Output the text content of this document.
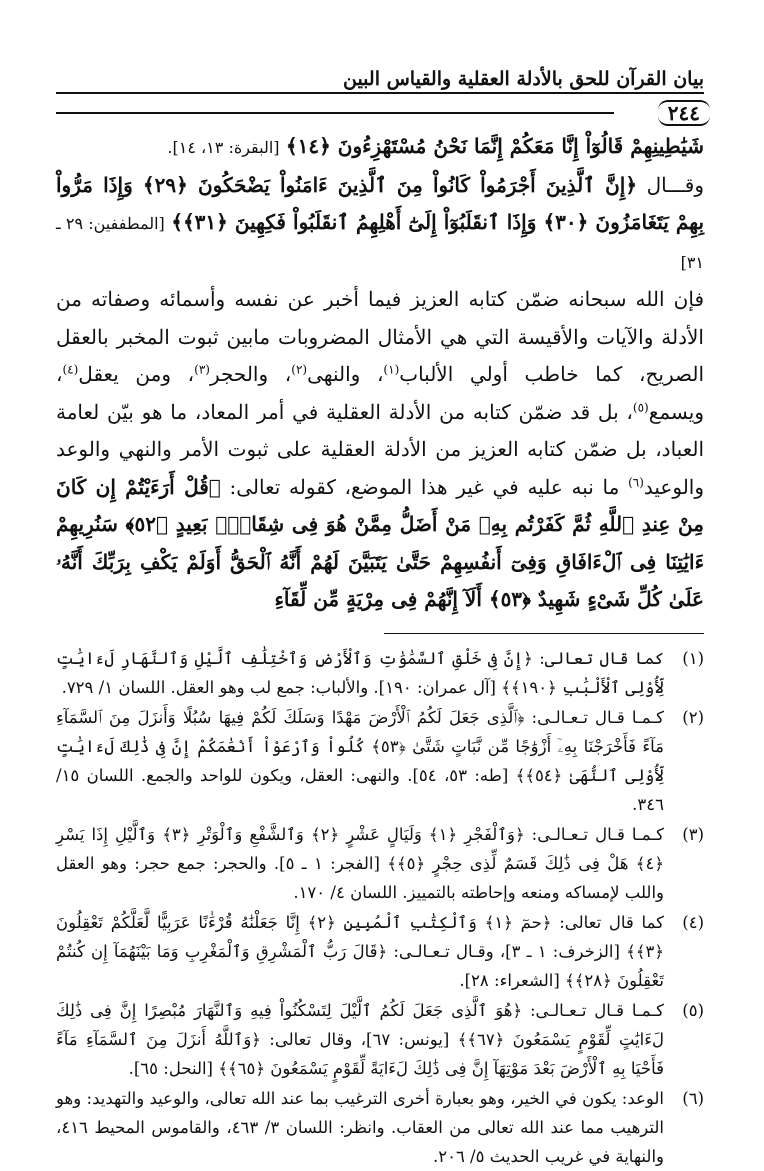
بيان القرآن للحق بالأدلة العقلية والقياس البين
٢٤٤

شَيَٰطِينِهِمْ قَالُوٓاْ إِنَّا مَعَكُمْ إِنَّمَا نَحْنُ مُسْتَهْزِءُونَ ﴿١٤﴾ [البقرة: ١٣، ١٤].

وقـــال ﴿إِنَّ ٱلَّذِينَ أَجْرَمُواْ كَانُواْ مِنَ ٱلَّذِينَ ءَامَنُواْ يَضْحَكُونَ ﴿٢٩﴾ وَإِذَا مَرُّواْ بِهِمْ يَتَغَامَزُونَ ﴿٣٠﴾ وَإِذَا ٱنقَلَبُوٓاْ إِلَىٰٓ أَهْلِهِمُ ٱنقَلَبُواْ فَكِهِينَ ﴿٣١﴾﴾ [المطففين: ٢٩ ـ ٣١]

فإن الله سبحانه ضمّن كتابه العزيز فيما أخبر عن نفسه وأسمائه وصفاته من الأدلة والآيات والأقيسة التي هي الأمثال المضروبات مابين ثبوت المخبر بالعقل الصريح، كما خاطب أولي الألباب$^{(١)}$، والنهى$^{(٢)}$، والحجر$^{(٣)}$، ومن يعقل$^{(٤)}$، ويسمع$^{(٥)}$، بل قد ضمّن كتابه من الأدلة العقلية في أمر المعاد، ما هو بيّن لعامة العباد، بل ضمّن كتابه العزيز من الأدلة العقلية على ثبوت الأمر والنهي والوعد والوعيد$^{(٦)}$ ما نبه عليه في غير هذا الموضع، كقوله تعالى: ﴿قُلْ أَرَءَيْتُمْ إِن كَانَ مِنْ عِندِ ٱللَّهِ ثُمَّ كَفَرْتُم بِهِۦ مَنْ أَضَلُّ مِمَّنْ هُوَ فِى شِقَاقٍۭ بَعِيدٍ ﴿٥٢﴾ سَنُرِيهِمْ ءَايَٰتِنَا فِى ٱلْءَافَاقِ وَفِىٓ أَنفُسِهِمْ حَتَّىٰ يَتَبَيَّنَ لَهُمْ أَنَّهُ ٱلْحَقُّ أَوَلَمْ يَكْفِ بِرَبِّكَ أَنَّهُۥ عَلَىٰ كُلِّ شَىْءٍ شَهِيدٌ ﴿٥٣﴾ أَلَآ إِنَّهُمْ فِى مِرْيَةٍ مِّن لِّقَآءِ

(١)
كما قال تعالى: ﴿إِنَّ فِى خَلْقِ ٱلسَّمَٰوَٰتِ وَٱلْأَرْضِ وَٱخْتِلَٰفِ ٱلَّيْلِ وَٱلنَّهَارِ لَءَايَٰتٍ لِّأُوْلِى ٱلْأَلْبَٰبِ ﴿١٩٠﴾﴾ [آل عمران: ١٩٠]. والألباب: جمع لب وهو العقل. اللسان ١/ ٧٢٩.
(٢)
كـمـا قـال تـعـالـى: ﴿ٱلَّذِى جَعَلَ لَكُمُ ٱلْأَرْضَ مَهْدًا وَسَلَكَ لَكُمْ فِيهَا سُبُلًا وَأَنزَلَ مِنَ ٱلسَّمَآءِ مَآءً فَأَخْرَجْنَا بِهِۦٓ أَزْوَٰجًا مِّن نَّبَاتٍ شَتَّىٰ ﴿٥٣﴾ كُلُواْ وَٱرْعَوْاْ أَنْعَٰمَكُمْ إِنَّ فِى ذَٰلِكَ لَءَايَٰتٍ لِّأُوْلِى ٱلنُّهَىٰ ﴿٥٤﴾﴾ [طه: ٥٣، ٥٤]. والنهى: العقل، ويكون للواحد والجمع. اللسان ١٥/ ٣٤٦.
(٣)
كـمـا قـال تـعـالـى: ﴿وَٱلْفَجْرِ ﴿١﴾ وَلَيَالٍ عَشْرٍ ﴿٢﴾ وَٱلشَّفْعِ وَٱلْوَتْرِ ﴿٣﴾ وَٱلَّيْلِ إِذَا يَسْرِ ﴿٤﴾ هَلْ فِى ذَٰلِكَ قَسَمٌ لِّذِى حِجْرٍ ﴿٥﴾﴾ [الفجر: ١ ـ ٥]. والحجر: جمع حجر: وهو العقل واللب لإمساكه ومنعه وإحاطته بالتمييز. اللسان ٤/ ١٧٠.
(٤)
كما قال تعالى: ﴿حمٓ ﴿١﴾ وَٱلْكِتَٰبِ ٱلْمُبِينِ ﴿٢﴾ إِنَّا جَعَلْنَٰهُ قُرْءَٰنًا عَرَبِيًّا لَّعَلَّكُمْ تَعْقِلُونَ ﴿٣﴾﴾ [الزخرف: ١ ـ ٣]، وقـال تـعـالـى: ﴿قَالَ رَبُّ ٱلْمَشْرِقِ وَٱلْمَغْرِبِ وَمَا بَيْنَهُمَآ إِن كُنتُمْ تَعْقِلُونَ ﴿٢٨﴾﴾ [الشعراء: ٢٨].
(٥)
كـمـا قـال تـعـالـى: ﴿هُوَ ٱلَّذِى جَعَلَ لَكُمُ ٱلَّيْلَ لِتَسْكُنُواْ فِيهِ وَٱلنَّهَارَ مُبْصِرًا إِنَّ فِى ذَٰلِكَ لَءَايَٰتٍ لِّقَوْمٍ يَسْمَعُونَ ﴿٦٧﴾﴾ [يونس: ٦٧]، وقال تعالى: ﴿وَٱللَّهُ أَنزَلَ مِنَ ٱلسَّمَآءِ مَآءً فَأَحْيَا بِهِ ٱلْأَرْضَ بَعْدَ مَوْتِهَآ إِنَّ فِى ذَٰلِكَ لَءَايَةً لِّقَوْمٍ يَسْمَعُونَ ﴿٦٥﴾﴾ [النحل: ٦٥].
(٦)
الوعد: يكون في الخير، وهو بعبارة أخرى الترغيب بما عند الله تعالى، والوعيد والتهديد: وهو الترهيب مما عند الله تعالى من العقاب. وانظر: اللسان ٣/ ٤٦٣، والقاموس المحيط ٤١٦، والنهاية في غريب الحديث ٥/ ٢٠٦.
